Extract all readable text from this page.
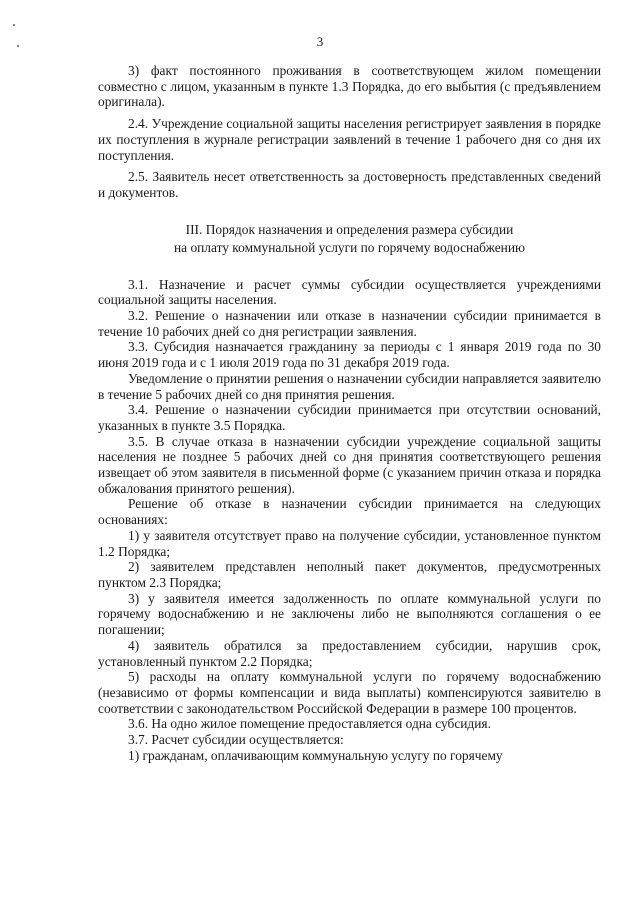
3

3) факт постоянного проживания в соответствующем жилом помещении совместно с лицом, указанным в пункте 1.3 Порядка, до его выбытия (с предъявлением оригинала).

2.4. Учреждение социальной защиты населения регистрирует заявления в порядке их поступления в журнале регистрации заявлений в течение 1 рабочего дня со дня их поступления.

2.5. Заявитель несет ответственность за достоверность представленных сведений и документов.

III. Порядок назначения и определения размера субсидии
на оплату коммунальной услуги по горячему водоснабжению

3.1. Назначение и расчет суммы субсидии осуществляется учреждениями социальной защиты населения.

3.2. Решение о назначении или отказе в назначении субсидии принимается в течение 10 рабочих дней со дня регистрации заявления.

3.3. Субсидия назначается гражданину за периоды с 1 января 2019 года по 30 июня 2019 года и с 1 июля 2019 года по 31 декабря 2019 года.

Уведомление о принятии решения о назначении субсидии направляется заявителю в течение 5 рабочих дней со дня принятия решения.

3.4. Решение о назначении субсидии принимается при отсутствии оснований, указанных в пункте 3.5 Порядка.

3.5. В случае отказа в назначении субсидии учреждение социальной защиты населения не позднее 5 рабочих дней со дня принятия соответствующего решения извещает об этом заявителя в письменной форме (с указанием причин отказа и порядка обжалования принятого решения).

Решение об отказе в назначении субсидии принимается на следующих основаниях:

1) у заявителя отсутствует право на получение субсидии, установленное пунктом 1.2 Порядка;

2) заявителем представлен неполный пакет документов, предусмотренных пунктом 2.3 Порядка;

3) у заявителя имеется задолженность по оплате коммунальной услуги по горячему водоснабжению и не заключены либо не выполняются соглашения о ее погашении;

4) заявитель обратился за предоставлением субсидии, нарушив срок, установленный пунктом 2.2 Порядка;

5) расходы на оплату коммунальной услуги по горячему водоснабжению (независимо от формы компенсации и вида выплаты) компенсируются заявителю в соответствии с законодательством Российской Федерации в размере 100 процентов.

3.6. На одно жилое помещение предоставляется одна субсидия.

3.7. Расчет субсидии осуществляется:

1) гражданам, оплачивающим коммунальную услугу по горячему
